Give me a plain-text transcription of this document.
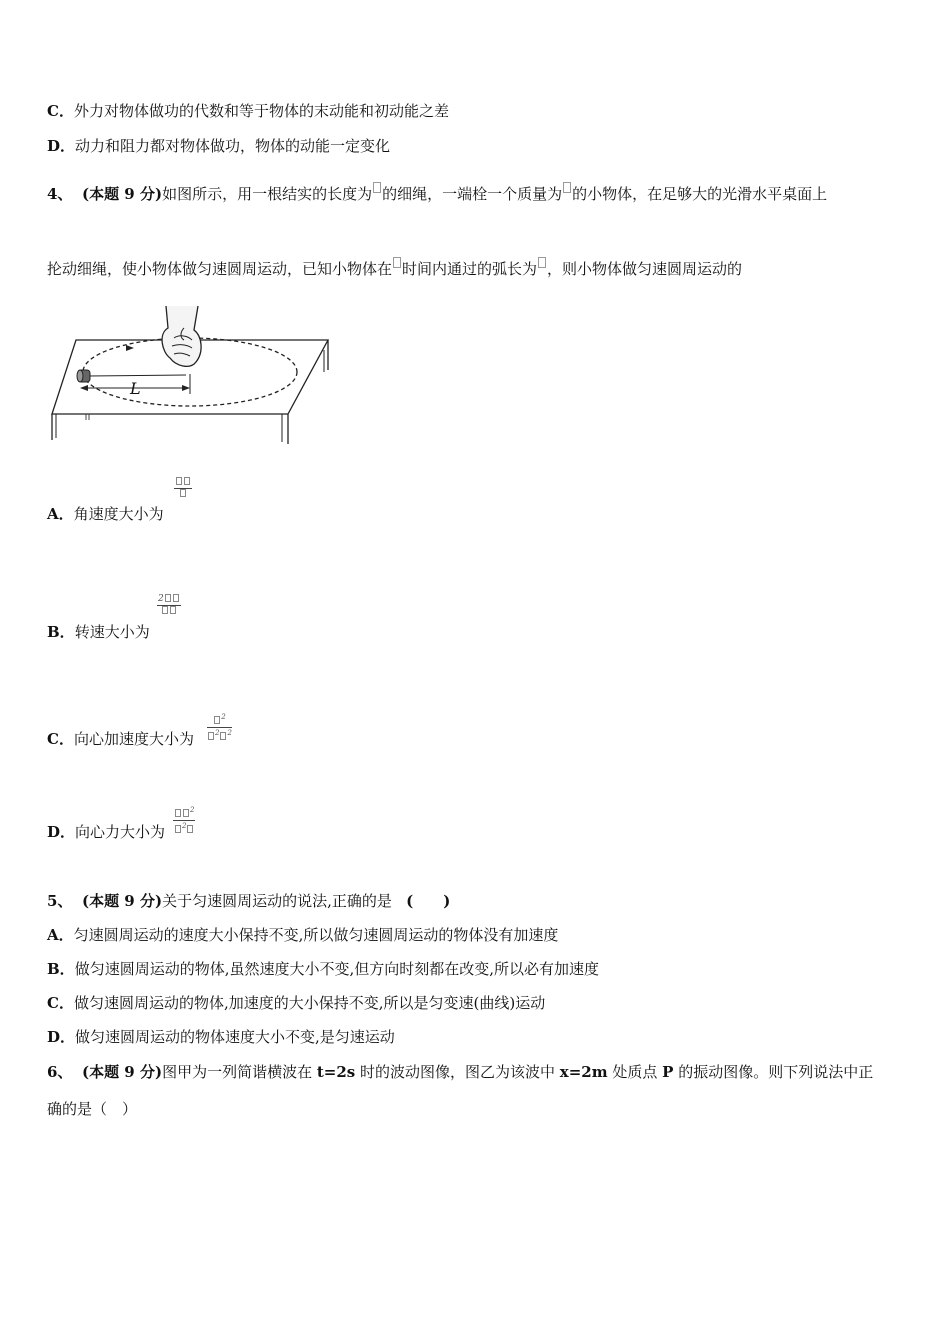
C．外力对物体做功的代数和等于物体的末动能和初动能之差
D．动力和阻力都对物体做功，物体的动能一定变化
4、 (本题 9 分)如图所示，用一根结实的长度为 的细绳，一端栓一个质量为 的小物体，在足够大的光滑水平桌面上
抡动细绳，使小物体做匀速圆周运动，已知小物体在 时间内通过的弧长为 ，则小物体做匀速圆周运动的
L
A．角速度大小为
2
B．转速大小为
$\frac{^2}{^2 ^2}$
C．向心加速度大小为
$\frac{^2}{^2}$
D．向心力大小为
5、 (本题 9 分)关于匀速圆周运动的说法,正确的是 (　　)
A．匀速圆周运动的速度大小保持不变,所以做匀速圆周运动的物体没有加速度
B．做匀速圆周运动的物体,虽然速度大小不变,但方向时刻都在改变,所以必有加速度
C．做匀速圆周运动的物体,加速度的大小保持不变,所以是匀变速(曲线)运动
D．做匀速圆周运动的物体速度大小不变,是匀速运动
6、 (本题 9 分)图甲为一列简谐横波在 t=2s 时的波动图像，图乙为该波中 x=2m 处质点 P 的振动图像。则下列说法中正
确的是（　）
